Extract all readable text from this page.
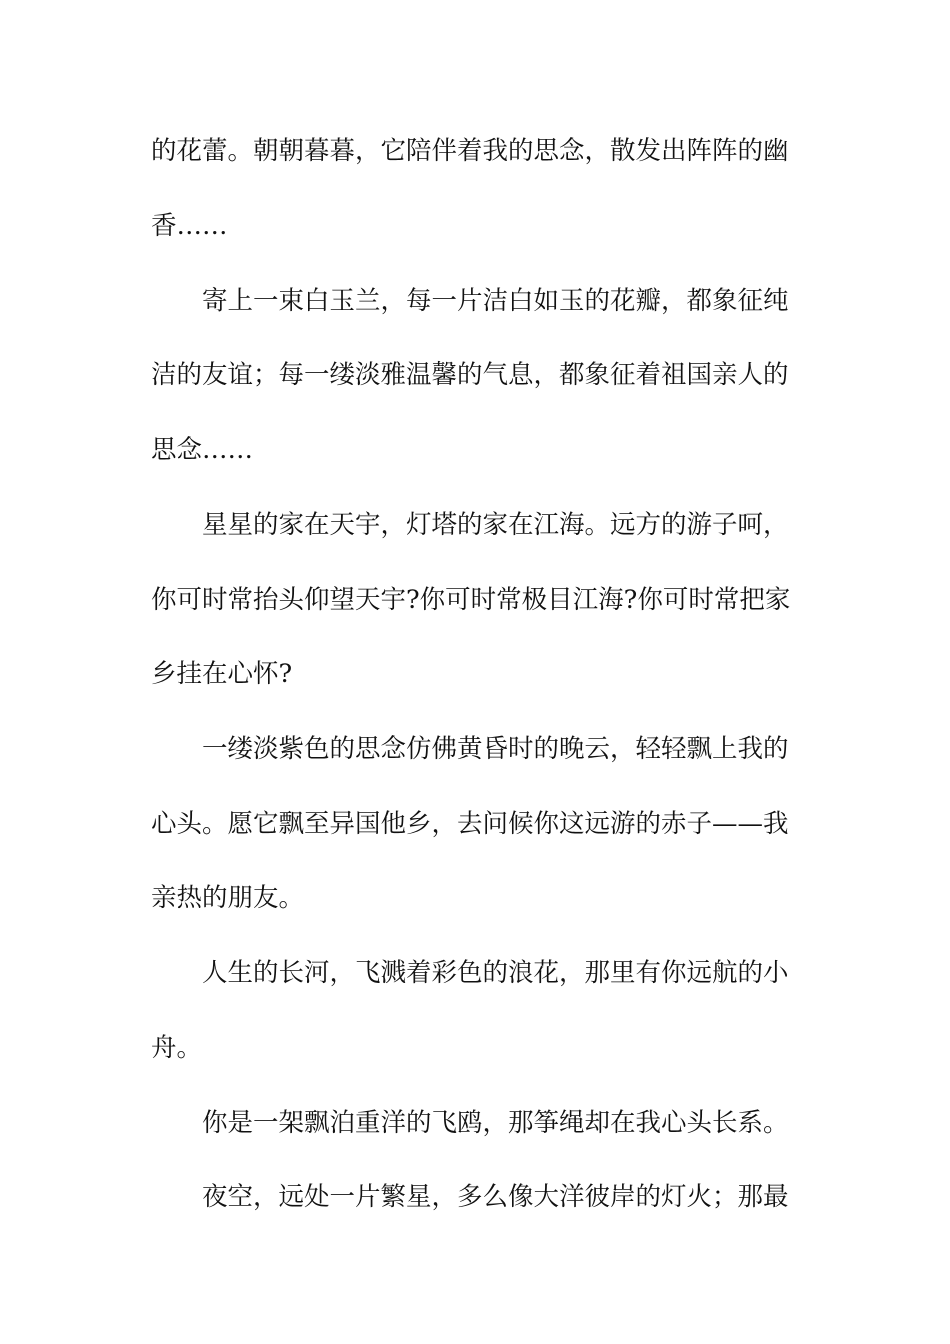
的花蕾。朝朝暮暮，它陪伴着我的思念，散发出阵阵的幽
香……
寄上一束白玉兰，每一片洁白如玉的花瓣，都象征纯
洁的友谊；每一缕淡雅温馨的气息，都象征着祖国亲人的
思念……
星星的家在天宇，灯塔的家在江海。远方的游子呵，
你可时常抬头仰望天宇?你可时常极目江海?你可时常把家
乡挂在心怀?
一缕淡紫色的思念仿佛黄昏时的晚云，轻轻飘上我的
心头。愿它飘至异国他乡，去问候你这远游的赤子——我
亲热的朋友。
人生的长河，飞溅着彩色的浪花，那里有你远航的小
舟。
你是一架飘泊重洋的飞鸥，那筝绳却在我心头长系。
夜空，远处一片繁星，多么像大洋彼岸的灯火；那最
